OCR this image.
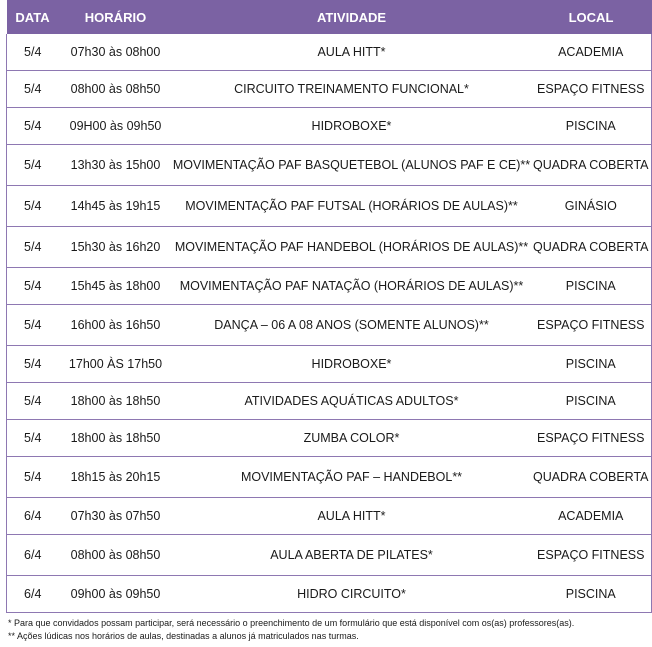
DATA	HORÁRIO	ATIVIDADE	LOCAL
5/4	07h30 às 08h00	AULA HITT*	ACADEMIA
5/4	08h00 às 08h50	CIRCUITO TREINAMENTO FUNCIONAL*	ESPAÇO FITNESS
5/4	09H00 às 09h50	HIDROBOXE*	PISCINA
5/4	13h30 às 15h00	MOVIMENTAÇÃO PAF BASQUETEBOL (ALUNOS PAF E CE)**	QUADRA COBERTA
5/4	14h45 às 19h15	MOVIMENTAÇÃO PAF FUTSAL (HORÁRIOS DE AULAS)**	GINÁSIO
5/4	15h30 às 16h20	MOVIMENTAÇÃO PAF HANDEBOL (HORÁRIOS DE AULAS)**	QUADRA COBERTA
5/4	15h45 às 18h00	MOVIMENTAÇÃO PAF NATAÇÃO (HORÁRIOS DE AULAS)**	PISCINA
5/4	16h00 às 16h50	DANÇA – 06 A 08 ANOS (SOMENTE ALUNOS)**	ESPAÇO FITNESS
5/4	17h00 ÀS 17h50	HIDROBOXE*	PISCINA
5/4	18h00 às 18h50	ATIVIDADES AQUÁTICAS ADULTOS*	PISCINA
5/4	18h00 às 18h50	ZUMBA COLOR*	ESPAÇO FITNESS
5/4	18h15 às 20h15	MOVIMENTAÇÃO PAF – HANDEBOL**	QUADRA COBERTA
6/4	07h30 às 07h50	AULA HITT*	ACADEMIA
6/4	08h00 às 08h50	AULA ABERTA DE PILATES*	ESPAÇO FITNESS
6/4	09h00 às 09h50	HIDRO CIRCUITO*	PISCINA
* Para que convidados possam participar, será necessário o preenchimento de um formulário que está disponível com os(as) professores(as).
** Ações lúdicas nos horários de aulas, destinadas a alunos já matriculados nas turmas.
